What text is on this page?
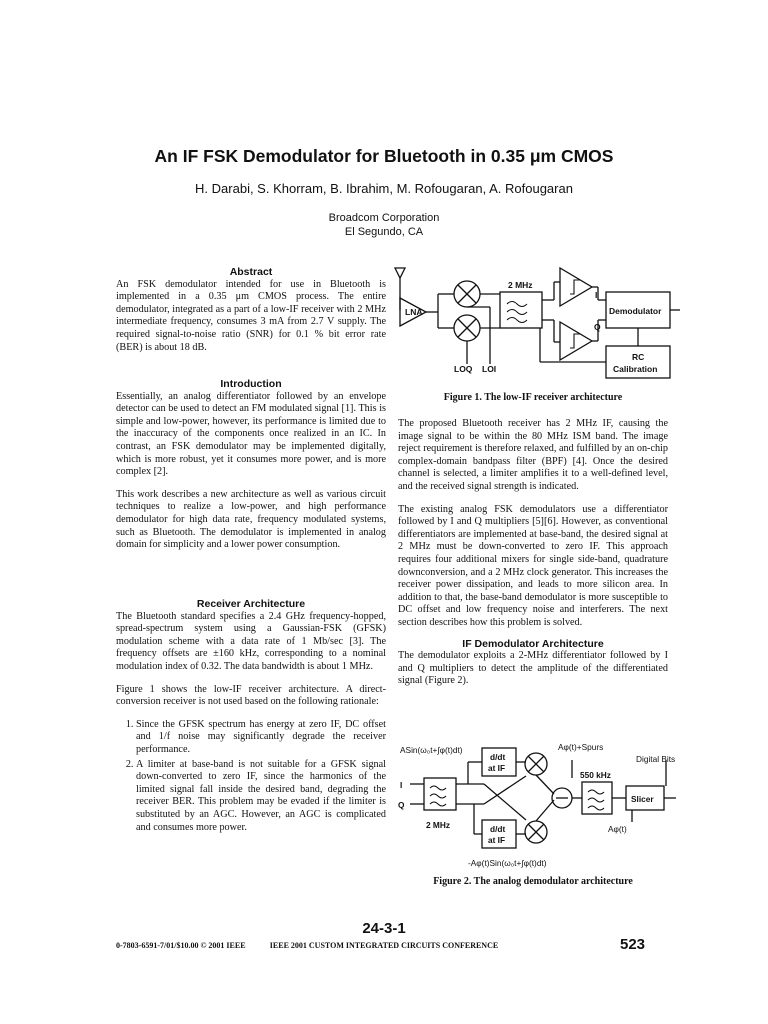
An IF FSK Demodulator for Bluetooth in 0.35 μm CMOS
H. Darabi, S. Khorram, B. Ibrahim, M. Rofougaran, A. Rofougaran
Broadcom Corporation
El Segundo, CA
Abstract
An FSK demodulator intended for use in Bluetooth is implemented in a 0.35 μm CMOS process. The entire demodulator, integrated as a part of a low-IF receiver with 2 MHz intermediate frequency, consumes 3 mA from 2.7 V supply. The required signal-to-noise ratio (SNR) for 0.1 % bit error rate (BER) is about 18 dB.
Introduction
Essentially, an analog differentiator followed by an envelope detector can be used to detect an FM modulated signal [1]. This is simple and low-power, however, its performance is limited due to the inaccuracy of the components once realized in an IC. In contrast, an FSK demodulator may be implemented digitally, which is more robust, yet it consumes more power, and is more complex [2].
This work describes a new architecture as well as various circuit techniques to realize a low-power, and high performance demodulator for high data rate, frequency modulated systems, such as Bluetooth. The demodulator is implemented in analog domain for simplicity and a lower power consumption.
Receiver Architecture
The Bluetooth standard specifies a 2.4 GHz frequency-hopped, spread-spectrum system using a Gaussian-FSK (GFSK) modulation scheme with a data rate of 1 Mb/sec [3]. The frequency offsets are ±160 kHz, corresponding to a nominal modulation index of 0.32. The data bandwidth is about 1 MHz.
Figure 1 shows the low-IF receiver architecture. A direct-conversion receiver is not used based on the following rationale:
1. Since the GFSK spectrum has energy at zero IF, DC offset and 1/f noise may significantly degrade the receiver performance.
2. A limiter at base-band is not suitable for a GFSK signal down-converted to zero IF, since the harmonics of the limited signal fall inside the desired band, degrading the receiver BER. This problem may be evaded if the limiter is substituted by an AGC. However, an AGC is complicated and consumes more power.
LNA
2 MHz
I
Q
Demodulator
RC
Calibration
LOQ LOI
Figure 1. The low-IF receiver architecture
The proposed Bluetooth receiver has 2 MHz IF, causing the image signal to be within the 80 MHz ISM band. The image reject requirement is therefore relaxed, and fulfilled by an on-chip complex-domain bandpass filter (BPF) [4]. Once the desired channel is selected, a limiter amplifies it to a well-defined level, and the received signal strength is indicated.
The existing analog FSK demodulators use a differentiator followed by I and Q multipliers [5][6]. However, as conventional differentiators are implemented at base-band, the desired signal at 2 MHz must be down-converted to zero IF. This approach requires four additional mixers for single side-band, quadrature downconversion, and a 2 MHz clock generator. This increases the receiver power dissipation, and leads to more silicon area. In addition to that, the base-band demodulator is more susceptible to DC offset and low frequency noise and interferers. The next section describes how this problem is solved.
IF Demodulator Architecture
The demodulator exploits a 2-MHz differentiator followed by I and Q multipliers to detect the amplitude of the differentiated signal (Figure 2).
ASin(ω₀t+∫φ(t)dt)
d/dt
at IF
d/dt
at IF
Aφ(t)+Spurs
550 kHz
Digital Bits
Slicer
Aφ(t)
I
Q
2 MHz
-Aφ(t)Sin(ω₀t+∫φ(t)dt)
Figure 2. The analog demodulator architecture
24-3-1
0-7803-6591-7/01/$10.00 © 2001 IEEE	IEEE 2001 CUSTOM INTEGRATED CIRCUITS CONFERENCE	523
